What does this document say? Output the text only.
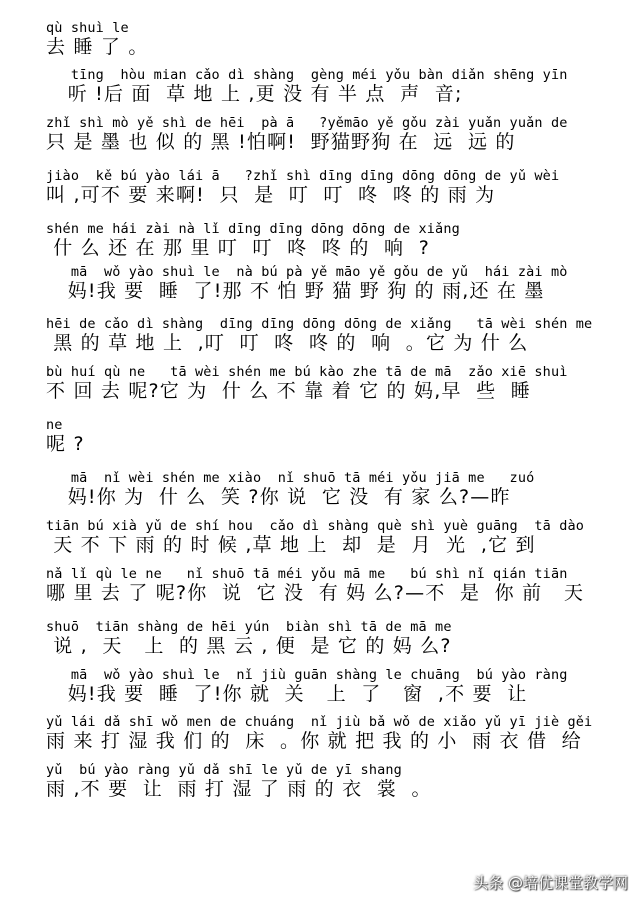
qù shuì le
去 睡 了 。
tīng  hòu mian cǎo dì shàng  gèng méi yǒu bàn diǎn shēng yīn
听 !后 面  草 地 上 ,更 没 有 半 点  声  音;
zhǐ shì mò yě shì de hēi  pà ā   ?yěmāo yě gǒu zài yuǎn yuǎn de
只 是 墨 也 似 的 黑 !怕啊!  野猫野狗 在  远  远 的
jiào  kě bú yào lái ā   ?zhǐ shì dīng dīng dōng dōng de yǔ wèi
叫 ,可不 要 来啊!  只  是  叮  叮  咚  咚 的 雨 为
shén me hái zài nà lǐ dīng dīng dōng dōng de xiǎng
什 么 还 在 那 里 叮  叮  咚  咚 的  响  ?
mā  wǒ yào shuì le  nà bú pà yě māo yě gǒu de yǔ  hái zài mò
妈!我 要  睡  了!那 不 怕 野 猫 野 狗 的 雨,还 在 墨
hēi de cǎo dì shàng  dīng dīng dōng dōng de xiǎng   tā wèi shén me
黑 的 草 地 上  ,叮  叮  咚  咚 的  响  。它 为 什 么
bù huí qù ne   tā wèi shén me bú kào zhe tā de mā  zǎo xiē shuì
不 回 去 呢?它 为  什 么 不 靠 着 它 的 妈,早  些  睡
ne
呢 ?
mā  nǐ wèi shén me xiào  nǐ shuō tā méi yǒu jiā me   zuó
妈!你 为  什 么  笑 ?你 说  它 没  有 家 么?—昨
tiān bú xià yǔ de shí hou  cǎo dì shàng què shì yuè guāng  tā dào
天 不 下 雨 的 时 候 ,草 地 上  却  是  月  光  ,它 到
nǎ lǐ qù le ne   nǐ shuō tā méi yǒu mā me   bú shì nǐ qián tiān
哪 里 去 了 呢?你  说  它 没  有 妈 么?—不  是  你 前   天
shuō  tiān shàng de hēi yún  biàn shì tā de mā me
说 ,  天   上  的 黑 云 , 便  是 它 的 妈 么?
mā  wǒ yào shuì le  nǐ jiù guān shàng le chuāng  bú yào ràng
妈!我 要  睡  了!你 就  关   上  了   窗  ,不 要  让
yǔ lái dǎ shī wǒ men de chuáng  nǐ jiù bǎ wǒ de xiǎo yǔ yī jiè gěi
雨 来 打 湿 我 们 的  床  。你 就 把 我 的 小  雨 衣 借  给
yǔ  bú yào ràng yǔ dǎ shī le yǔ de yī shang
雨 ,不 要  让  雨 打 湿 了 雨 的 衣  裳  。
头条 @培优课堂教学网
